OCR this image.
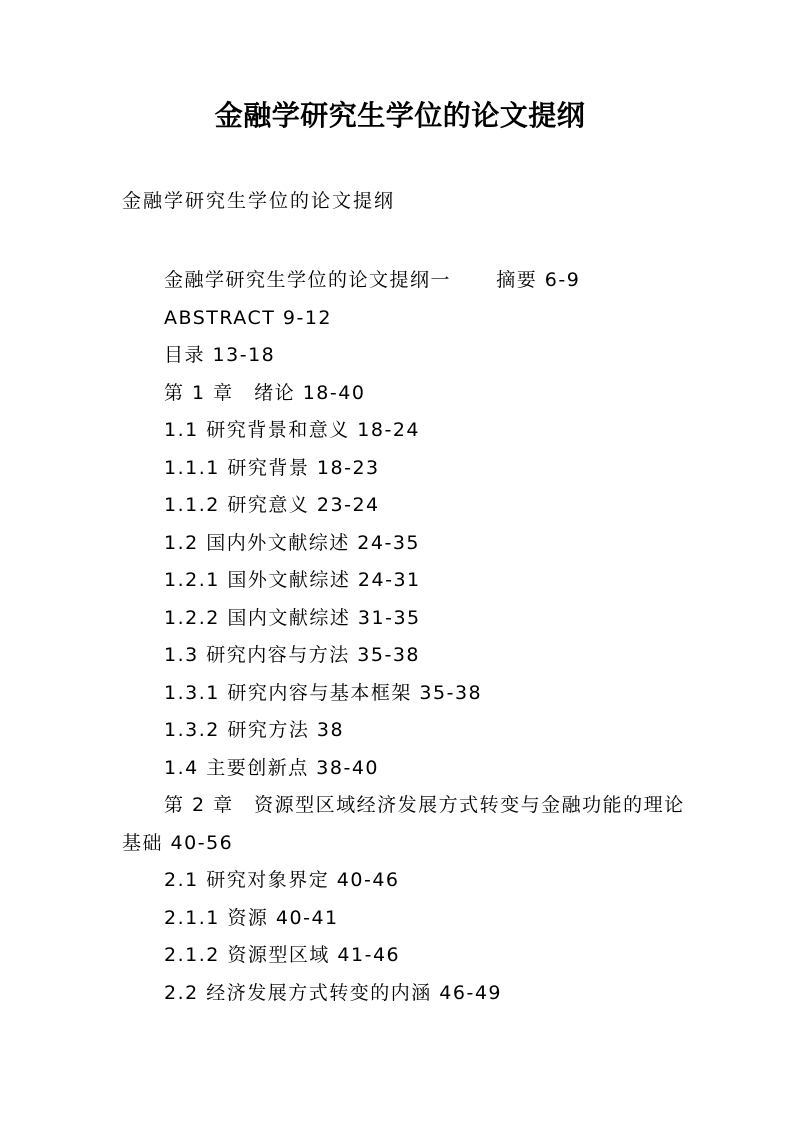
金融学研究生学位的论文提纲
金融学研究生学位的论文提纲
金融学研究生学位的论文提纲一      摘要 6-9
ABSTRACT 9-12
目录 13-18
第 1 章　绪论 18-40
1.1 研究背景和意义 18-24
1.1.1 研究背景 18-23
1.1.2 研究意义 23-24
1.2 国内外文献综述 24-35
1.2.1 国外文献综述 24-31
1.2.2 国内文献综述 31-35
1.3 研究内容与方法 35-38
1.3.1 研究内容与基本框架 35-38
1.3.2 研究方法 38
1.4 主要创新点 38-40
第 2 章　资源型区域经济发展方式转变与金融功能的理论基础 40-56
2.1 研究对象界定 40-46
2.1.1 资源 40-41
2.1.2 资源型区域 41-46
2.2 经济发展方式转变的内涵 46-49
